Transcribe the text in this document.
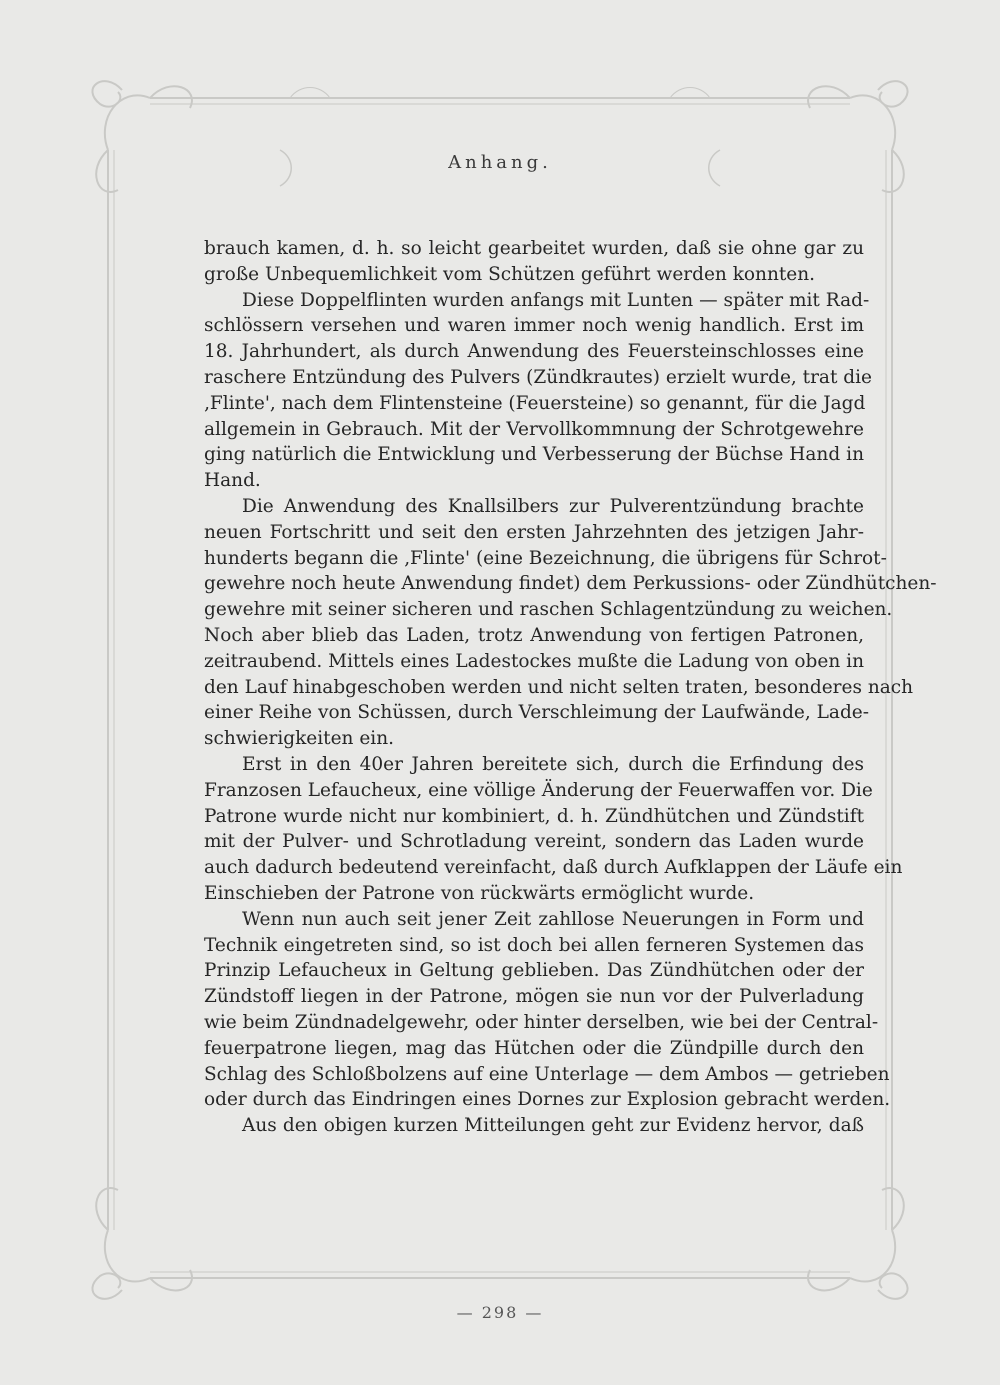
Anhang.
brauch kamen, d. h. so leicht gearbeitet wurden, daß sie ohne gar zu
große Unbequemlichkeit vom Schützen geführt werden konnten.
Diese Doppelflinten wurden anfangs mit Lunten — später mit Rad-
schlössern versehen und waren immer noch wenig handlich. Erst im
18. Jahrhundert, als durch Anwendung des Feuersteinschlosses eine
raschere Entzündung des Pulvers (Zündkrautes) erzielt wurde, trat die
‚Flinte', nach dem Flintensteine (Feuersteine) so genannt, für die Jagd
allgemein in Gebrauch. Mit der Vervollkommnung der Schrotgewehre
ging natürlich die Entwicklung und Verbesserung der Büchse Hand in
Hand.
Die Anwendung des Knallsilbers zur Pulverentzündung brachte
neuen Fortschritt und seit den ersten Jahrzehnten des jetzigen Jahr-
hunderts begann die ‚Flinte' (eine Bezeichnung, die übrigens für Schrot-
gewehre noch heute Anwendung findet) dem Perkussions- oder Zündhütchen-
gewehre mit seiner sicheren und raschen Schlagentzündung zu weichen.
Noch aber blieb das Laden, trotz Anwendung von fertigen Patronen,
zeitraubend. Mittels eines Ladestockes mußte die Ladung von oben in
den Lauf hinabgeschoben werden und nicht selten traten, besonderes nach
einer Reihe von Schüssen, durch Verschleimung der Laufwände, Lade-
schwierigkeiten ein.
Erst in den 40er Jahren bereitete sich, durch die Erfindung des
Franzosen Lefaucheux, eine völlige Änderung der Feuerwaffen vor. Die
Patrone wurde nicht nur kombiniert, d. h. Zündhütchen und Zündstift
mit der Pulver- und Schrotladung vereint, sondern das Laden wurde
auch dadurch bedeutend vereinfacht, daß durch Aufklappen der Läufe ein
Einschieben der Patrone von rückwärts ermöglicht wurde.
Wenn nun auch seit jener Zeit zahllose Neuerungen in Form und
Technik eingetreten sind, so ist doch bei allen ferneren Systemen das
Prinzip Lefaucheux in Geltung geblieben. Das Zündhütchen oder der
Zündstoff liegen in der Patrone, mögen sie nun vor der Pulverladung
wie beim Zündnadelgewehr, oder hinter derselben, wie bei der Central-
feuerpatrone liegen, mag das Hütchen oder die Zündpille durch den
Schlag des Schloßbolzens auf eine Unterlage — dem Ambos — getrieben
oder durch das Eindringen eines Dornes zur Explosion gebracht werden.
Aus den obigen kurzen Mitteilungen geht zur Evidenz hervor, daß
— 298 —
